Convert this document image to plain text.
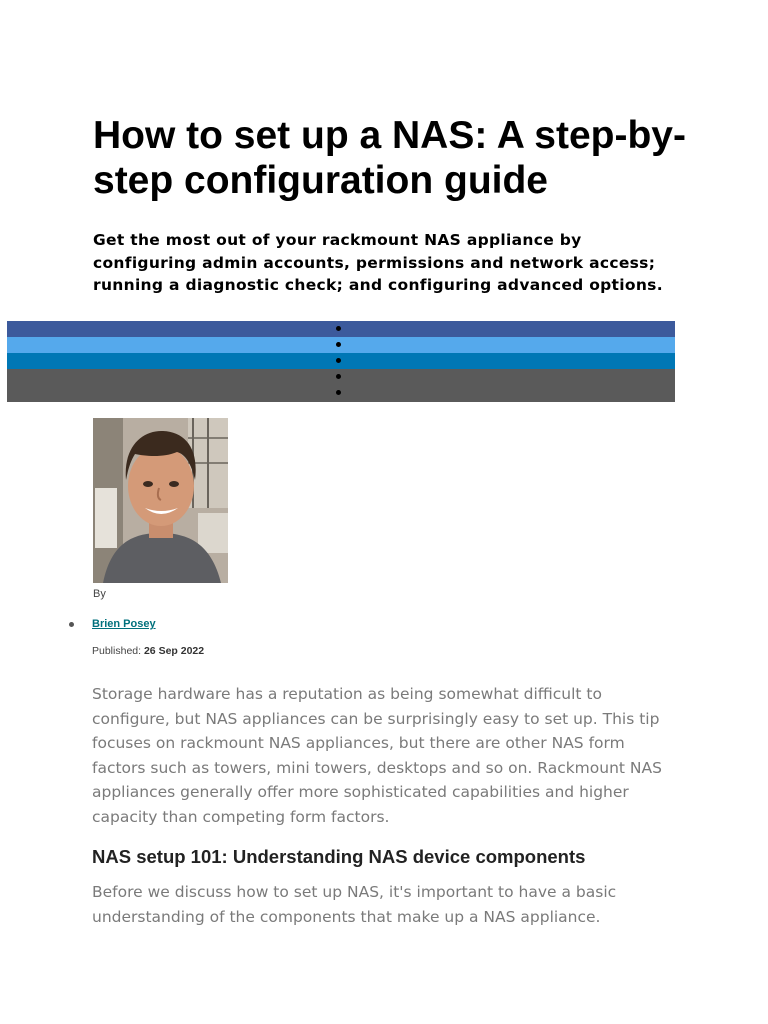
How to set up a NAS: A step-by-step configuration guide

Get the most out of your rackmount NAS appliance by configuring admin accounts, permissions and network access; running a diagnostic check; and configuring advanced options.

By
Brien Posey
Published: 26 Sep 2022

Storage hardware has a reputation as being somewhat difficult to configure, but NAS appliances can be surprisingly easy to set up. This tip focuses on rackmount NAS appliances, but there are other NAS form factors such as towers, mini towers, desktops and so on. Rackmount NAS appliances generally offer more sophisticated capabilities and higher capacity than competing form factors.

NAS setup 101: Understanding NAS device components

Before we discuss how to set up NAS, it's important to have a basic understanding of the components that make up a NAS appliance.
